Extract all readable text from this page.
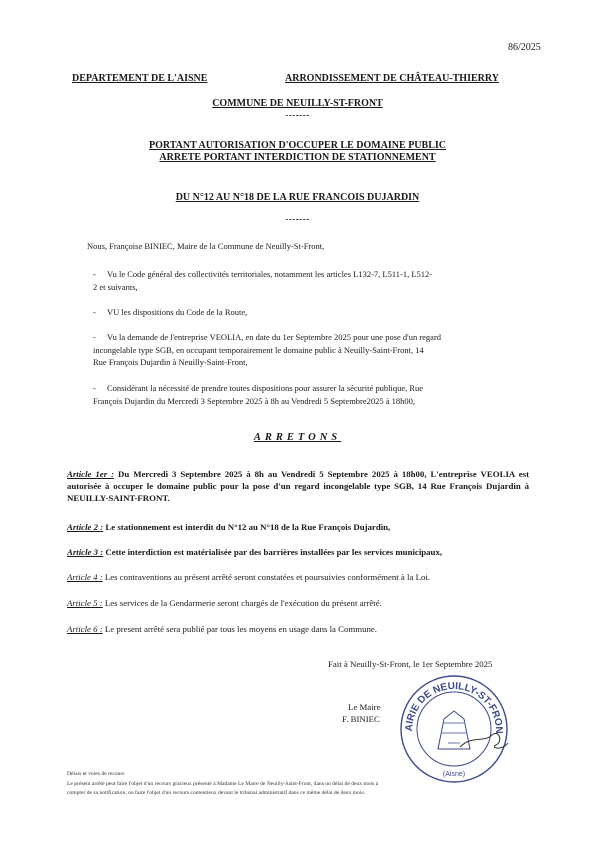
86/2025
DEPARTEMENT DE L'AISNE	ARRONDISSEMENT DE CHÂTEAU-THIERRY
COMMUNE DE NEUILLY-ST-FRONT
-------
PORTANT AUTORISATION D'OCCUPER LE DOMAINE PUBLIC
ARRETE PORTANT INTERDICTION DE STATIONNEMENT
DU N°12 AU N°18 DE LA RUE FRANCOIS DUJARDIN
-------
Nous, Françoise BINIEC, Maire de la Commune de Neuilly-St-Front,
- Vu le Code général des collectivités territoriales, notamment les articles L132-7, L511-1, L512-
2 et suivants,
- VU les dispositions du Code de la Route,
- Vu la demande de l'entreprise VEOLIA, en date du 1er Septembre 2025 pour une pose d'un regard
incongelable type SGB, en occupant temporairement le domaine public à Neuilly-Saint-Front, 14
Rue François Dujardin à Neuilly-Saint-Front,
- Considérant la nécessité de prendre toutes dispositions pour assurer la sécurité publique, Rue
François Dujardin du Mercredi 3 Septembre 2025 à 8h au Vendredi 5 Septembre2025 à 18h00,
ARRETONS
Article 1er : Du Mercredi 3 Septembre 2025 à 8h au Vendredi 5 Septembre 2025 à 18h00, L'entreprise VEOLIA est autorisée à occuper le domaine public pour la pose d'un regard incongelable type SGB, 14 Rue François Dujardin à NEUILLY-SAINT-FRONT.
Article 2 : Le stationnement est interdit du N°12 au N°18 de la Rue François Dujardin,
Article 3 : Cette interdiction est matérialisée par des barrières installées par les services municipaux,
Article 4 : Les contraventions au présent arrêté seront constatées et poursuivies conformément à la Loi.
Article 5 : Les services de la Gendarmerie seront chargés de l'exécution du présent arrêté.
Article 6 : Le present arrêté sera publié par tous les moyens en usage dans la Commune.
Fait à Neuilly-St-Front, le 1er Septembre 2025
AIRIE DE NEUILLY-ST-FRON
(Aisne)
Le Maire
F. BINIEC
Délais et voies de recours
Le présent arrêté peut faire l'objet d'un recours gracieux présenté à Madame Le Maire de Neuilly-Saint-Front, dans un délai de deux mois à
compter de sa notification, ou faire l'objet d'un recours contentieux devant le tribunal administratif dans ce même délai de deux mois.
